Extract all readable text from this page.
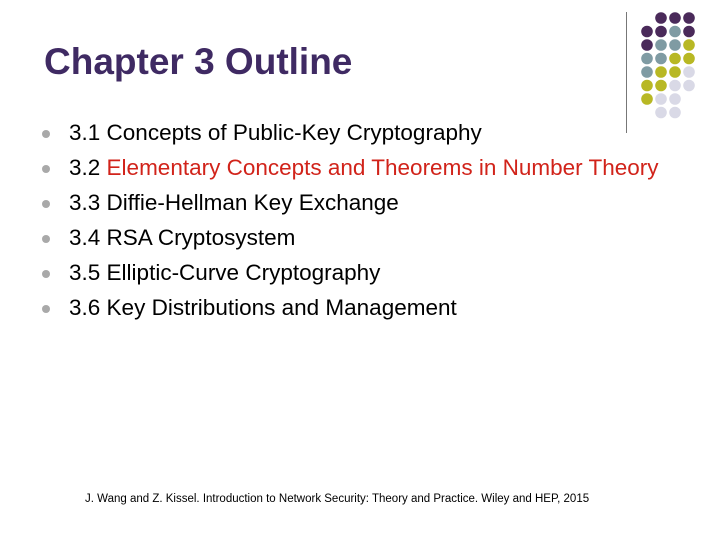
Chapter 3 Outline
3.1 Concepts of Public-Key Cryptography
3.2 Elementary Concepts and Theorems in Number Theory
3.3 Diffie-Hellman Key Exchange
3.4 RSA Cryptosystem
3.5 Elliptic-Curve Cryptography
3.6 Key Distributions and Management
J. Wang and Z. Kissel. Introduction to Network Security: Theory and Practice. Wiley and HEP, 2015
